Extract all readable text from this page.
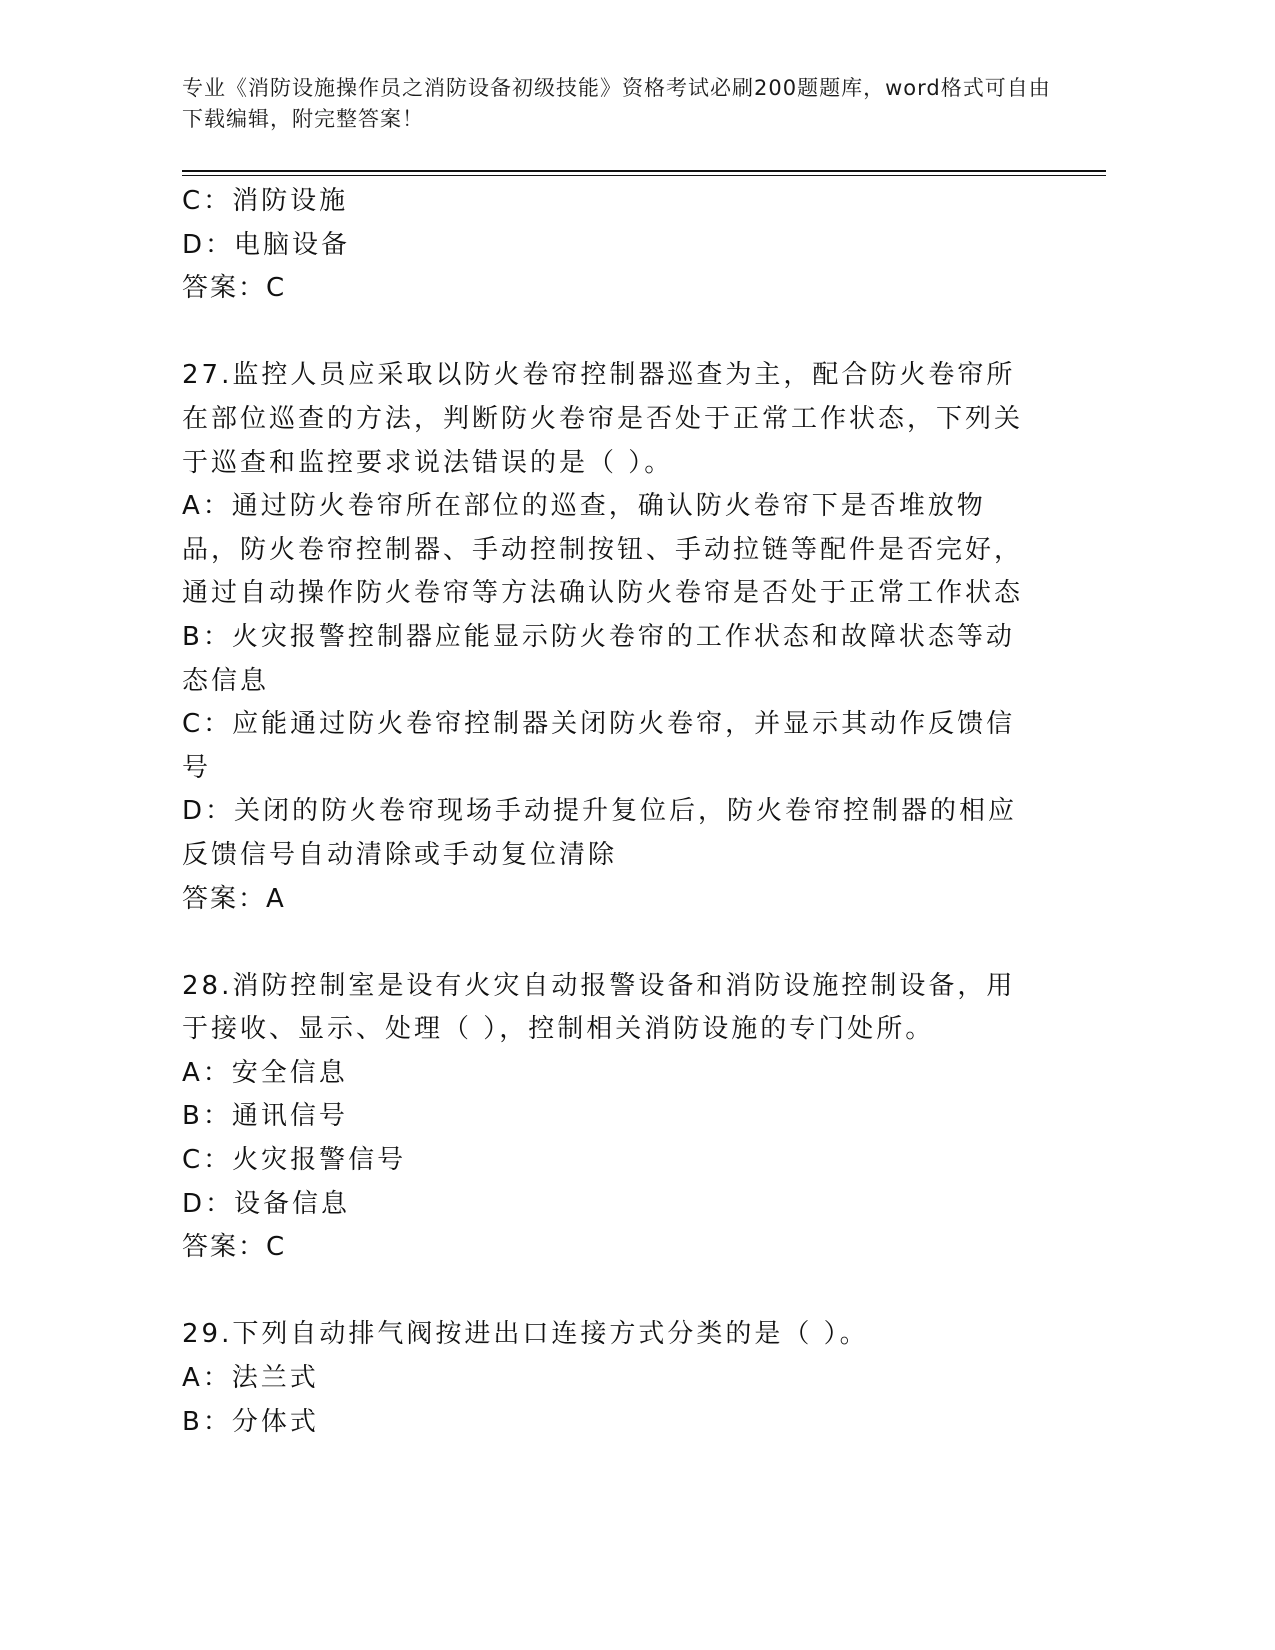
专业《消防设施操作员之消防设备初级技能》资格考试必刷200题题库，word格式可自由下载编辑，附完整答案！
C：消防设施
D：电脑设备
答案：C
27.监控人员应采取以防火卷帘控制器巡查为主，配合防火卷帘所在部位巡查的方法，判断防火卷帘是否处于正常工作状态，下列关于巡查和监控要求说法错误的是（ ）。
A：通过防火卷帘所在部位的巡查，确认防火卷帘下是否堆放物品，防火卷帘控制器、手动控制按钮、手动拉链等配件是否完好，通过自动操作防火卷帘等方法确认防火卷帘是否处于正常工作状态
B：火灾报警控制器应能显示防火卷帘的工作状态和故障状态等动态信息
C：应能通过防火卷帘控制器关闭防火卷帘，并显示其动作反馈信号
D：关闭的防火卷帘现场手动提升复位后，防火卷帘控制器的相应反馈信号自动清除或手动复位清除
答案：A
28.消防控制室是设有火灾自动报警设备和消防设施控制设备，用于接收、显示、处理（ ），控制相关消防设施的专门处所。
A：安全信息
B：通讯信号
C：火灾报警信号
D：设备信息
答案：C
29.下列自动排气阀按进出口连接方式分类的是（ ）。
A：法兰式
B：分体式
